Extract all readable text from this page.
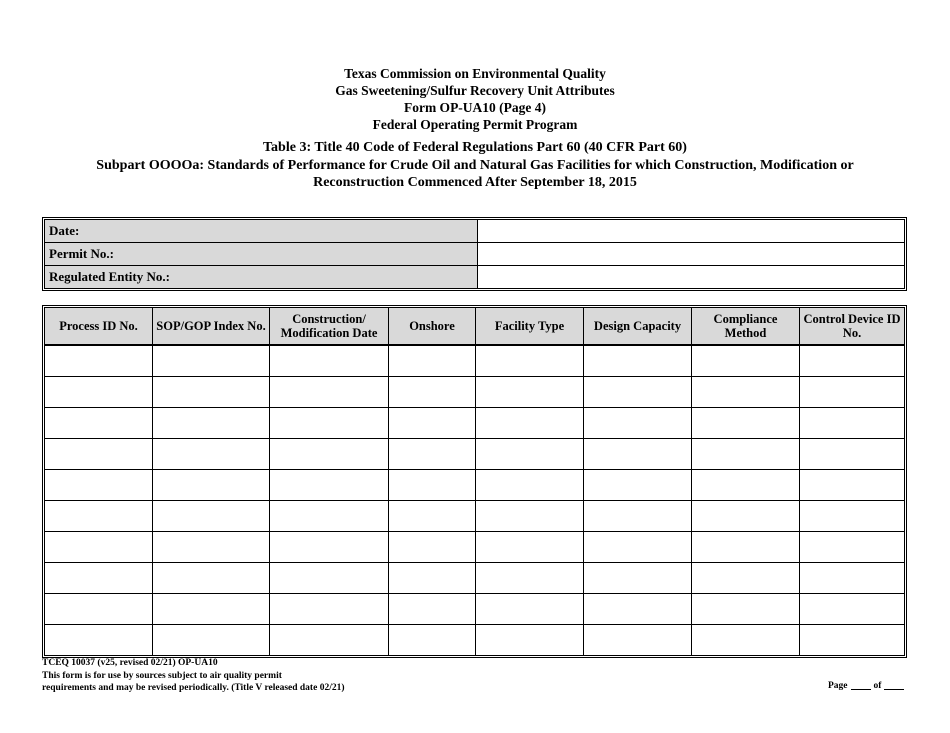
Texas Commission on Environmental Quality
Gas Sweetening/Sulfur Recovery Unit Attributes
Form OP-UA10 (Page 4)
Federal Operating Permit Program
Table 3: Title 40 Code of Federal Regulations Part 60 (40 CFR Part 60)
Subpart OOOOa: Standards of Performance for Crude Oil and Natural Gas Facilities for which Construction, Modification or
Reconstruction Commenced After September 18, 2015
Date:	
Permit No.:	
Regulated Entity No.:	
Process ID No.	SOP/GOP Index No.	Construction/ Modification Date	Onshore	Facility Type	Design Capacity	Compliance Method	Control Device ID No.

TCEQ 10037 (v25, revised 02/21) OP-UA10
This form is for use by sources subject to air quality permit
requirements and may be revised periodically. (Title V released date 02/21)	Page	of
